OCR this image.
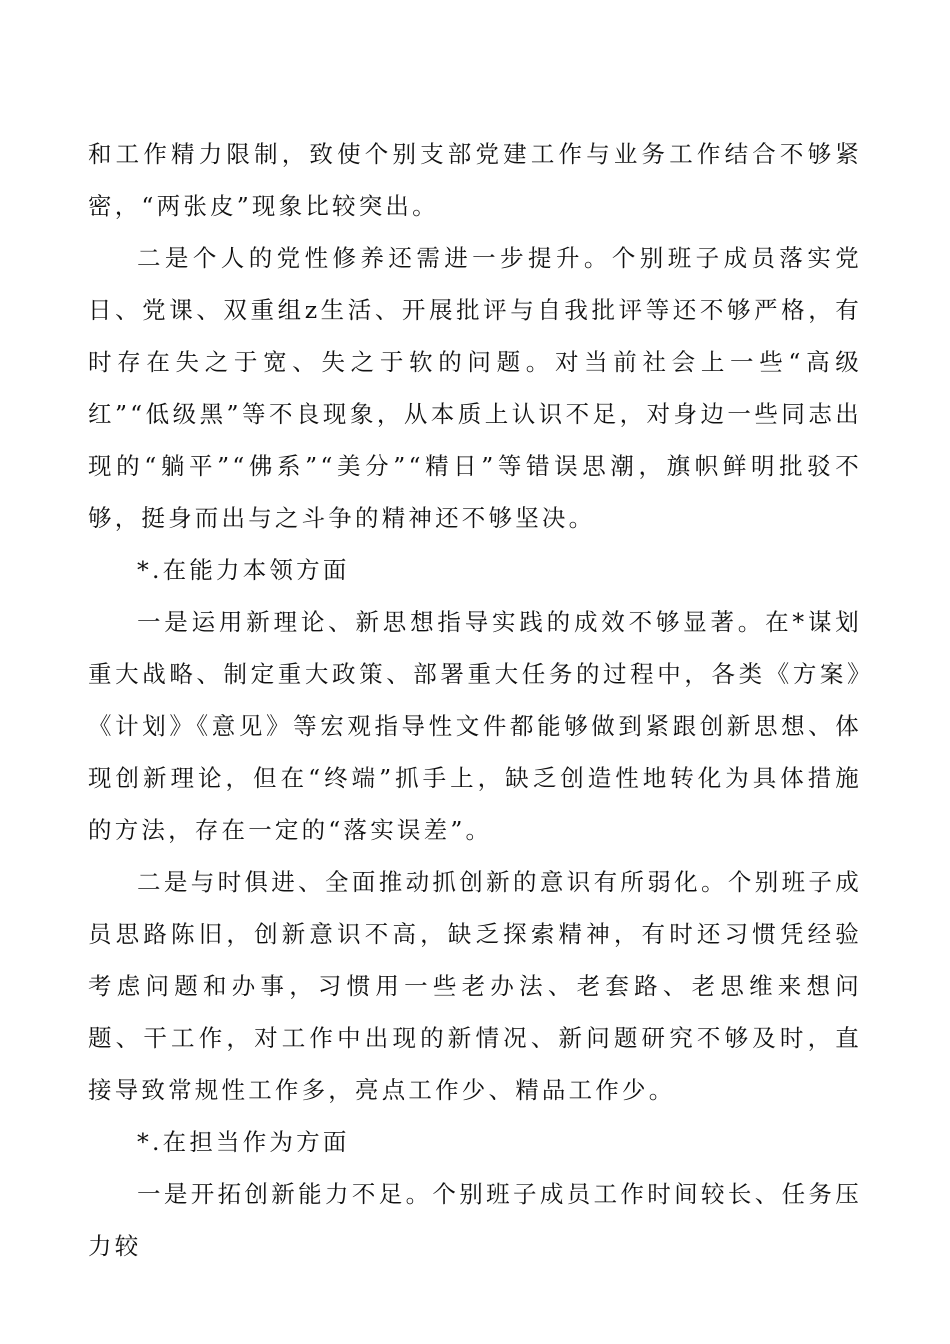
和工作精力限制，致使个别支部党建工作与业务工作结合不够紧密，“两张皮”现象比较突出。

二是个人的党性修养还需进一步提升。个别班子成员落实党日、党课、双重组z生活、开展批评与自我批评等还不够严格，有时存在失之于宽、失之于软的问题。对当前社会上一些“高级红”“低级黑”等不良现象，从本质上认识不足，对身边一些同志出现的“躺平”“佛系”“美分”“精日”等错误思潮，旗帜鲜明批驳不够，挺身而出与之斗争的精神还不够坚决。

*.在能力本领方面

一是运用新理论、新思想指导实践的成效不够显著。在*谋划重大战略、制定重大政策、部署重大任务的过程中，各类《方案》《计划》《意见》等宏观指导性文件都能够做到紧跟创新思想、体现创新理论，但在“终端”抓手上，缺乏创造性地转化为具体措施的方法，存在一定的“落实误差”。

二是与时俱进、全面推动抓创新的意识有所弱化。个别班子成员思路陈旧，创新意识不高，缺乏探索精神，有时还习惯凭经验考虑问题和办事，习惯用一些老办法、老套路、老思维来想问题、干工作，对工作中出现的新情况、新问题研究不够及时，直接导致常规性工作多，亮点工作少、精品工作少。

*.在担当作为方面

一是开拓创新能力不足。个别班子成员工作时间较长、任务压力较
